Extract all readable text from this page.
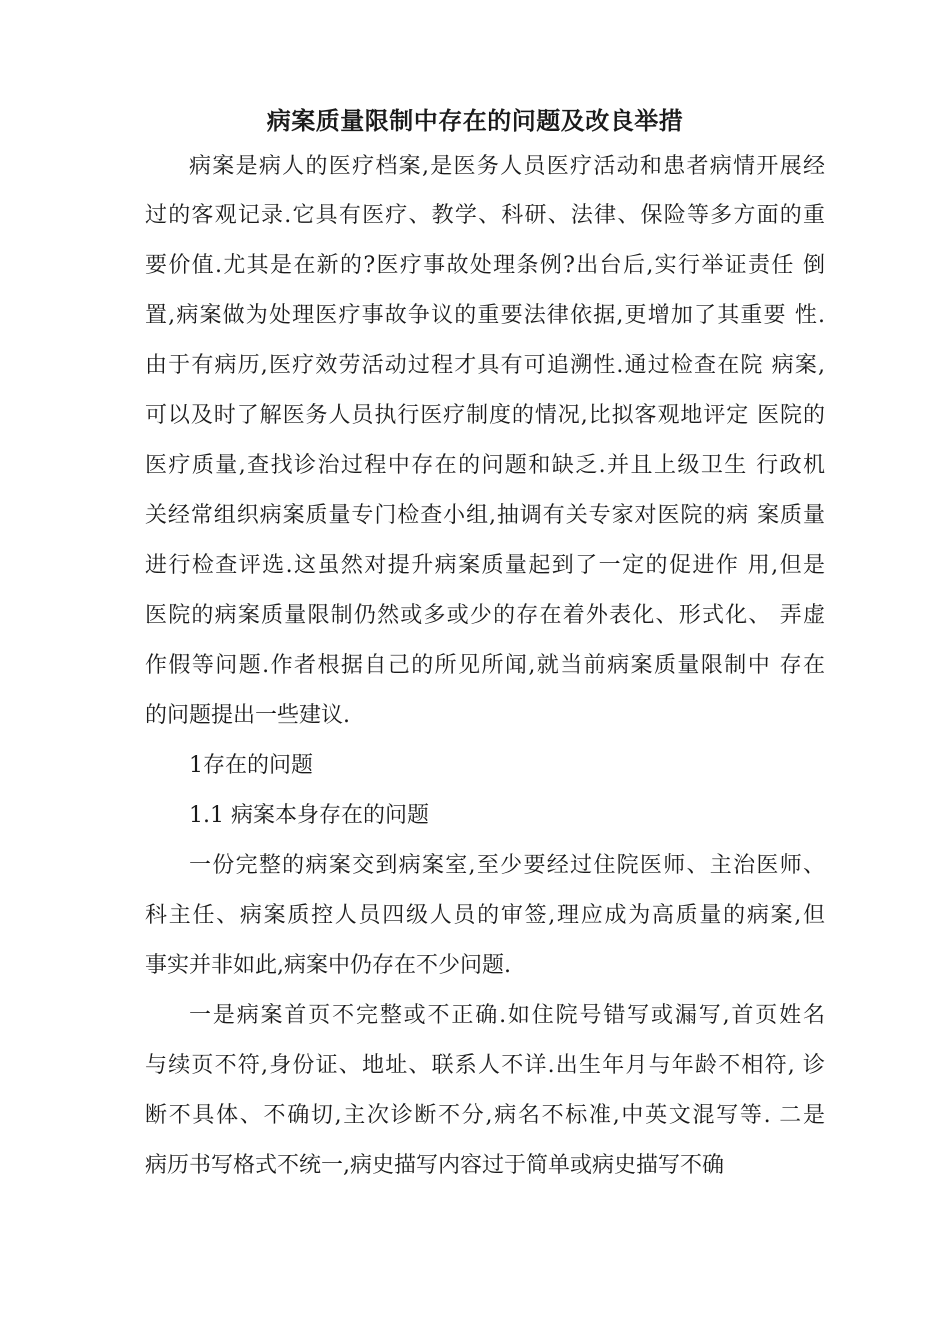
病案质量限制中存在的问题及改良举措
病案是病人的医疗档案,是医务人员医疗活动和患者病情开展经
过的客观记录.它具有医疗、教学、科研、法律、保险等多方面的重
要价值.尤其是在新的?医疗事故处理条例?出台后,实行举证责任 倒
置,病案做为处理医疗事故争议的重要法律依据,更增加了其重要 性.
由于有病历,医疗效劳活动过程才具有可追溯性.通过检查在院 病案,
可以及时了解医务人员执行医疗制度的情况,比拟客观地评定 医院的
医疗质量,查找诊治过程中存在的问题和缺乏.并且上级卫生 行政机
关经常组织病案质量专门检查小组,抽调有关专家对医院的病 案质量
进行检查评选.这虽然对提升病案质量起到了一定的促进作 用,但是
医院的病案质量限制仍然或多或少的存在着外表化、形式化、 弄虚
作假等问题.作者根据自己的所见所闻,就当前病案质量限制中 存在
的问题提出一些建议.
1存在的问题
1.1 病案本身存在的问题
一份完整的病案交到病案室,至少要经过住院医师、主治医师、
科主任、病案质控人员四级人员的审签,理应成为高质量的病案,但
事实并非如此,病案中仍存在不少问题.
一是病案首页不完整或不正确.如住院号错写或漏写,首页姓名
与续页不符,身份证、地址、联系人不详.出生年月与年龄不相符, 诊
断不具体、不确切,主次诊断不分,病名不标准,中英文混写等. 二是
病历书写格式不统一,病史描写内容过于简单或病史描写不确
